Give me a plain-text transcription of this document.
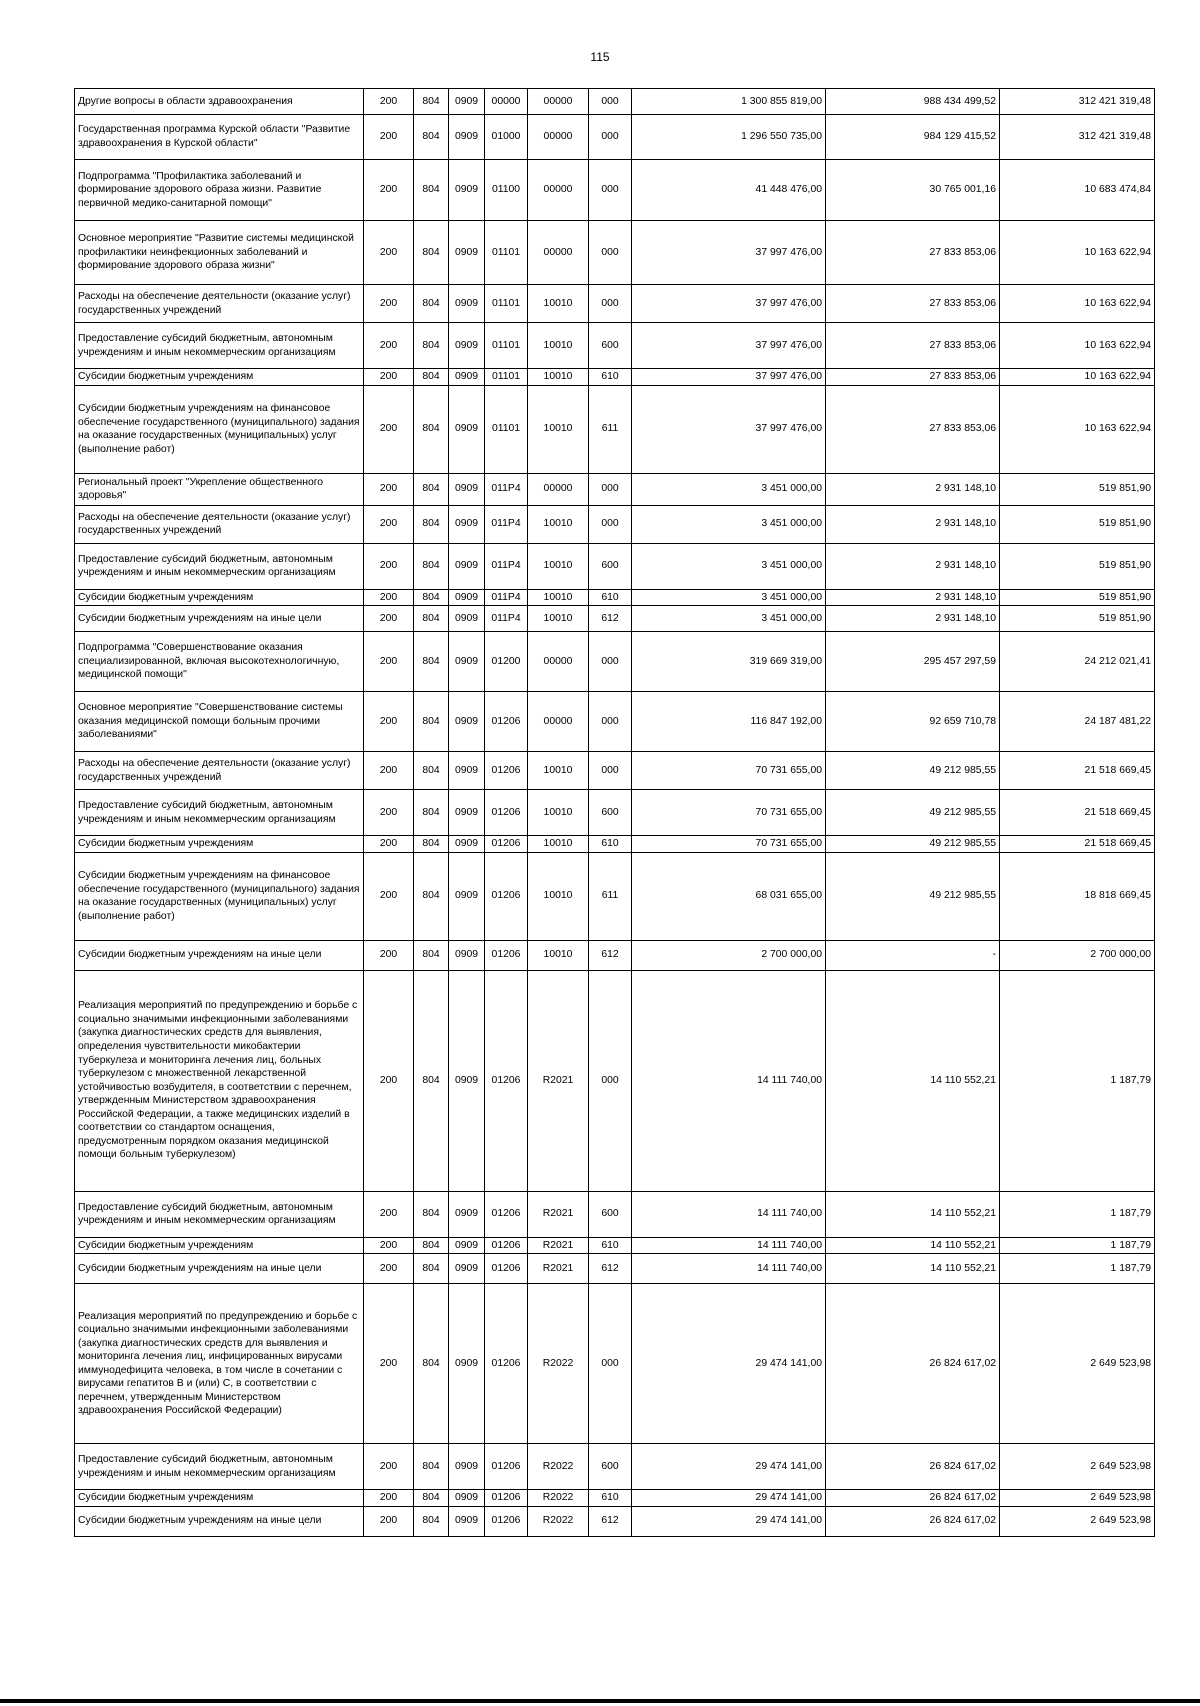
115
Другие вопросы в области здравоохранения	200	804	0909	00000	00000	000	1 300 855 819,00	988 434 499,52	312 421 319,48
Государственная программа Курской области "Развитие здравоохранения в Курской области"	200	804	0909	01000	00000	000	1 296 550 735,00	984 129 415,52	312 421 319,48
Подпрограмма "Профилактика заболеваний и формирование здорового образа жизни. Развитие первичной медико-санитарной помощи"	200	804	0909	01100	00000	000	41 448 476,00	30 765 001,16	10 683 474,84
Основное мероприятие "Развитие системы медицинской профилактики неинфекционных заболеваний и формирование здорового образа жизни"	200	804	0909	01101	00000	000	37 997 476,00	27 833 853,06	10 163 622,94
Расходы на обеспечение деятельности (оказание услуг) государственных учреждений	200	804	0909	01101	10010	000	37 997 476,00	27 833 853,06	10 163 622,94
Предоставление субсидий бюджетным, автономным учреждениям и иным некоммерческим организациям	200	804	0909	01101	10010	600	37 997 476,00	27 833 853,06	10 163 622,94
Субсидии бюджетным учреждениям	200	804	0909	01101	10010	610	37 997 476,00	27 833 853,06	10 163 622,94
Субсидии бюджетным учреждениям на финансовое обеспечение государственного (муниципального) задания на оказание государственных (муниципальных) услуг (выполнение работ)	200	804	0909	01101	10010	611	37 997 476,00	27 833 853,06	10 163 622,94
Региональный проект "Укрепление общественного здоровья"	200	804	0909	011P4	00000	000	3 451 000,00	2 931 148,10	519 851,90
Расходы на обеспечение деятельности (оказание услуг) государственных учреждений	200	804	0909	011P4	10010	000	3 451 000,00	2 931 148,10	519 851,90
Предоставление субсидий бюджетным, автономным учреждениям и иным некоммерческим организациям	200	804	0909	011P4	10010	600	3 451 000,00	2 931 148,10	519 851,90
Субсидии бюджетным учреждениям	200	804	0909	011P4	10010	610	3 451 000,00	2 931 148,10	519 851,90
Субсидии бюджетным учреждениям на иные цели	200	804	0909	011P4	10010	612	3 451 000,00	2 931 148,10	519 851,90
Подпрограмма "Совершенствование оказания специализированной, включая высокотехнологичную, медицинской помощи"	200	804	0909	01200	00000	000	319 669 319,00	295 457 297,59	24 212 021,41
Основное мероприятие "Совершенствование системы оказания медицинской помощи больным прочими заболеваниями"	200	804	0909	01206	00000	000	116 847 192,00	92 659 710,78	24 187 481,22
Расходы на обеспечение деятельности (оказание услуг) государственных учреждений	200	804	0909	01206	10010	000	70 731 655,00	49 212 985,55	21 518 669,45
Предоставление субсидий бюджетным, автономным учреждениям и иным некоммерческим организациям	200	804	0909	01206	10010	600	70 731 655,00	49 212 985,55	21 518 669,45
Субсидии бюджетным учреждениям	200	804	0909	01206	10010	610	70 731 655,00	49 212 985,55	21 518 669,45
Субсидии бюджетным учреждениям на финансовое обеспечение государственного (муниципального) задания на оказание государственных (муниципальных) услуг (выполнение работ)	200	804	0909	01206	10010	611	68 031 655,00	49 212 985,55	18 818 669,45
Субсидии бюджетным учреждениям на иные цели	200	804	0909	01206	10010	612	2 700 000,00	-	2 700 000,00
Реализация мероприятий по предупреждению и борьбе с социально значимыми инфекционными заболеваниями (закупка диагностических средств для выявления, определения чувствительности микобактерии туберкулеза и мониторинга лечения лиц, больных туберкулезом с множественной лекарственной устойчивостью возбудителя, в соответствии с перечнем, утвержденным Министерством здравоохранения Российской Федерации, а также медицинских изделий в соответствии со стандартом оснащения, предусмотренным порядком оказания медицинской помощи больным туберкулезом)	200	804	0909	01206	R2021	000	14 111 740,00	14 110 552,21	1 187,79
Предоставление субсидий бюджетным, автономным учреждениям и иным некоммерческим организациям	200	804	0909	01206	R2021	600	14 111 740,00	14 110 552,21	1 187,79
Субсидии бюджетным учреждениям	200	804	0909	01206	R2021	610	14 111 740,00	14 110 552,21	1 187,79
Субсидии бюджетным учреждениям на иные цели	200	804	0909	01206	R2021	612	14 111 740,00	14 110 552,21	1 187,79
Реализация мероприятий по предупреждению и борьбе с социально значимыми инфекционными заболеваниями (закупка диагностических средств для выявления и мониторинга лечения лиц, инфицированных вирусами иммунодефицита человека, в том числе в сочетании с вирусами гепатитов B и (или) C, в соответствии с перечнем, утвержденным Министерством здравоохранения Российской Федерации)	200	804	0909	01206	R2022	000	29 474 141,00	26 824 617,02	2 649 523,98
Предоставление субсидий бюджетным, автономным учреждениям и иным некоммерческим организациям	200	804	0909	01206	R2022	600	29 474 141,00	26 824 617,02	2 649 523,98
Субсидии бюджетным учреждениям	200	804	0909	01206	R2022	610	29 474 141,00	26 824 617,02	2 649 523,98
Субсидии бюджетным учреждениям на иные цели	200	804	0909	01206	R2022	612	29 474 141,00	26 824 617,02	2 649 523,98
